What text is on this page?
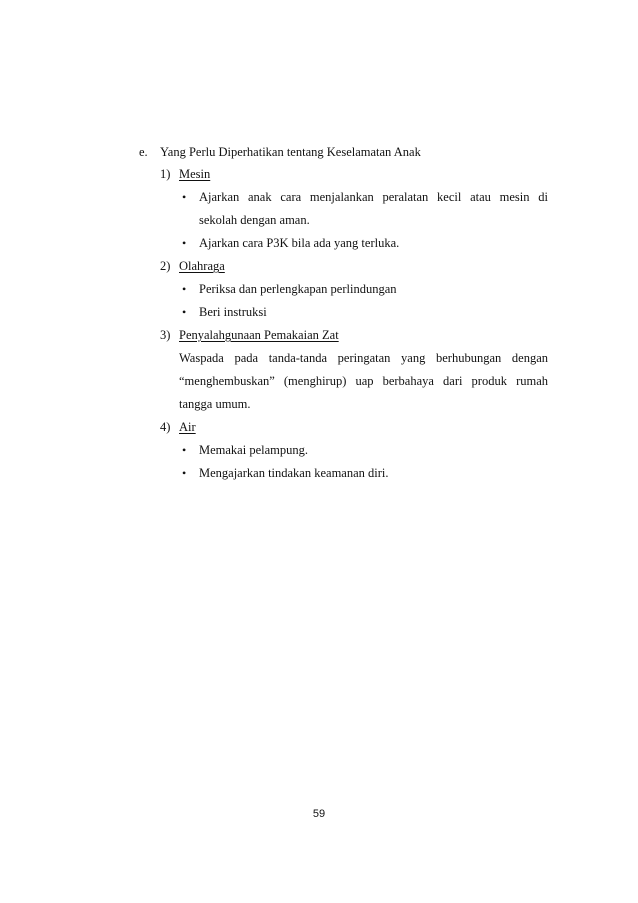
e. Yang Perlu Diperhatikan tentang Keselamatan Anak
1) Mesin
• Ajarkan anak cara menjalankan peralatan kecil atau mesin di
sekolah dengan aman.
• Ajarkan cara P3K bila ada yang terluka.
2) Olahraga
• Periksa dan perlengkapan perlindungan
• Beri instruksi
3) Penyalahgunaan Pemakaian Zat
Waspada pada tanda-tanda peringatan yang berhubungan dengan
“menghembuskan” (menghirup) uap berbahaya dari produk rumah
tangga umum.
4) Air
• Memakai pelampung.
• Mengajarkan tindakan keamanan diri.
59
